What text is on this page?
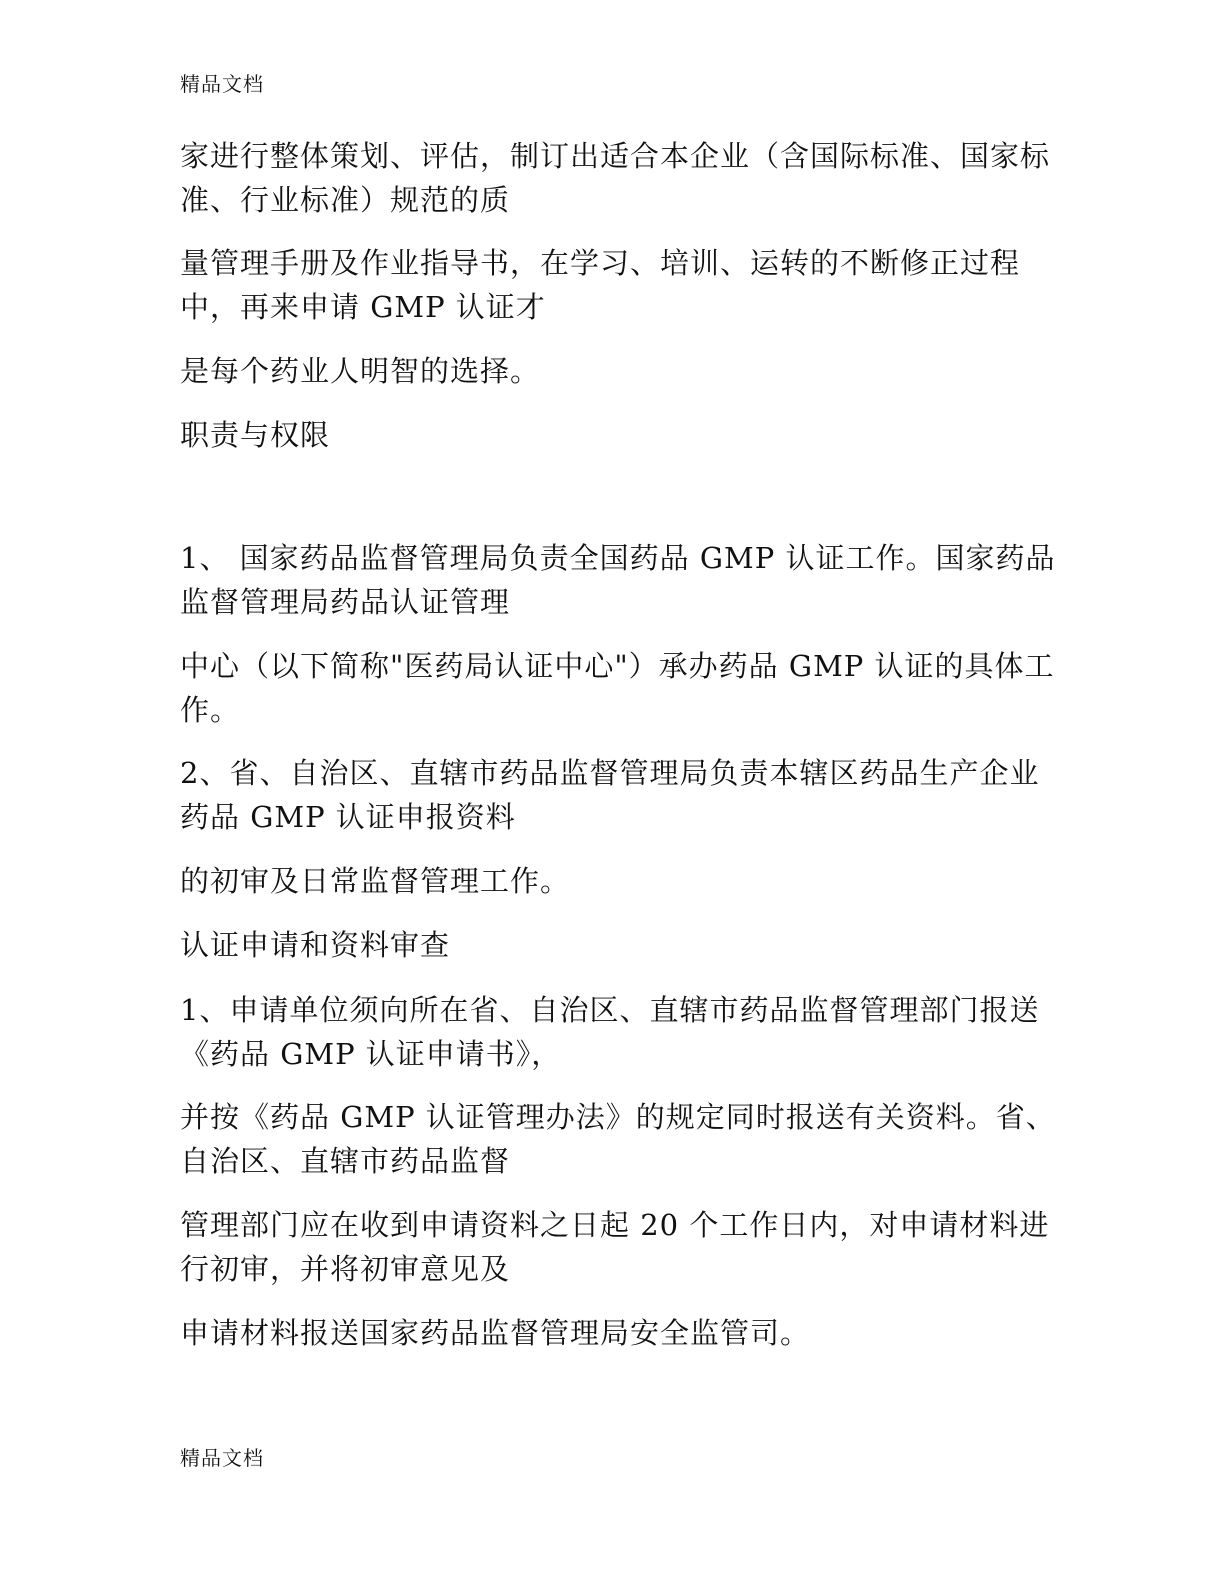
精品文档
家进行整体策划、评估，制订出适合本企业（含国际标准、国家标
准、行业标准）规范的质
量管理手册及作业指导书，在学习、培训、运转的不断修正过程
中，再来申请 GMP 认证才
是每个药业人明智的选择。
职责与权限
1、 国家药品监督管理局负责全国药品 GMP 认证工作。国家药品
监督管理局药品认证管理
中心（以下简称"医药局认证中心"）承办药品 GMP 认证的具体工
作。
2、省、自治区、直辖市药品监督管理局负责本辖区药品生产企业
药品 GMP 认证申报资料
的初审及日常监督管理工作。
认证申请和资料审查
1、申请单位须向所在省、自治区、直辖市药品监督管理部门报送
《药品 GMP 认证申请书》，
并按《药品 GMP 认证管理办法》的规定同时报送有关资料。省、
自治区、直辖市药品监督
管理部门应在收到申请资料之日起 20 个工作日内，对申请材料进
行初审，并将初审意见及
申请材料报送国家药品监督管理局安全监管司。
精品文档
